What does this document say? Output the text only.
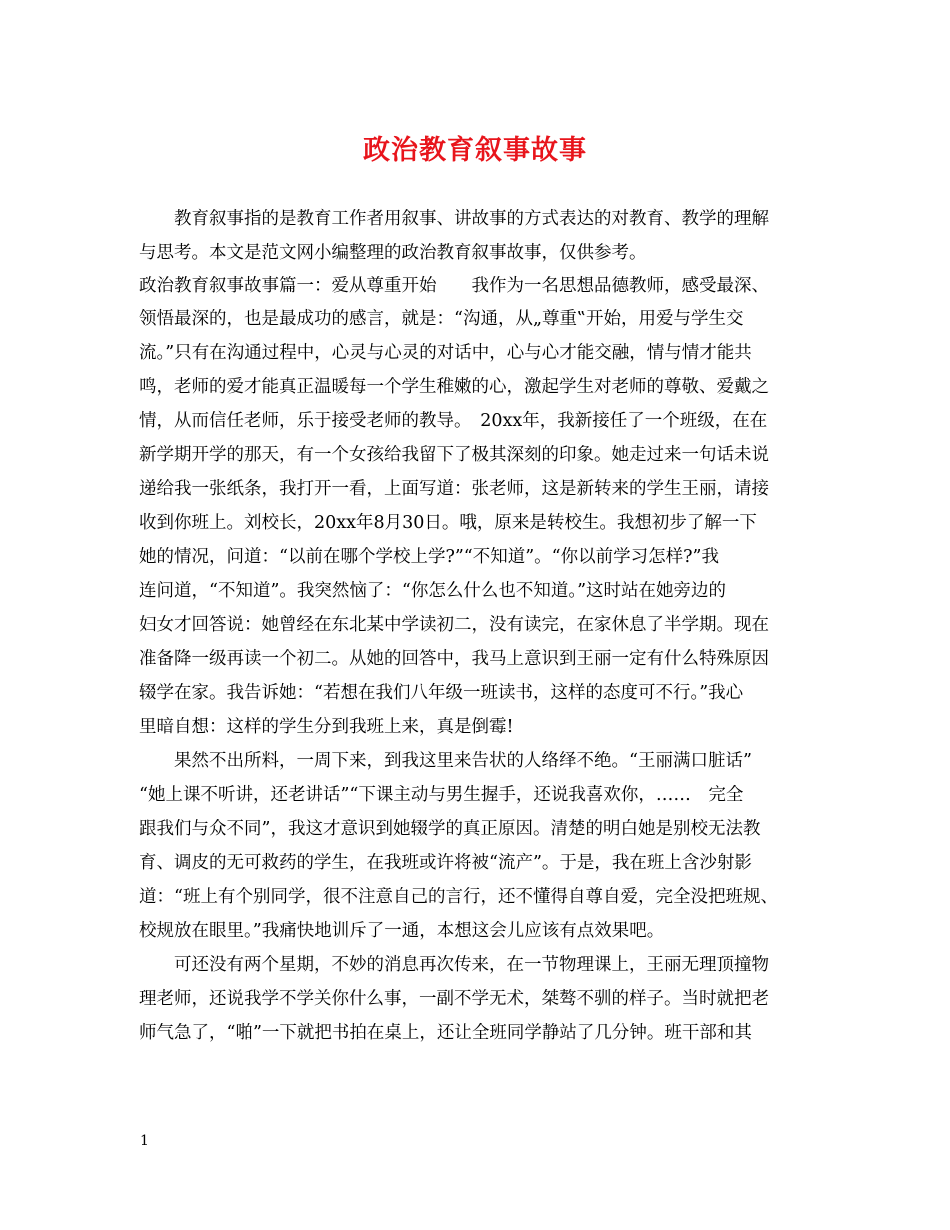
政治教育叙事故事
　　教育叙事指的是教育工作者用叙事、讲故事的方式表达的对教育、教学的理解
与思考。本文是范文网小编整理的政治教育叙事故事，仅供参考。
政治教育叙事故事篇一：爱从尊重开始　　我作为一名思想品德教师，感受最深、
领悟最深的，也是最成功的感言，就是：“沟通，从„尊重‟开始，用爱与学生交
流。”只有在沟通过程中，心灵与心灵的对话中，心与心才能交融，情与情才能共
鸣，老师的爱才能真正温暖每一个学生稚嫩的心，激起学生对老师的尊敬、爱戴之
情，从而信任老师，乐于接受老师的教导。　20xx年，我新接任了一个班级，在在
新学期开学的那天，有一个女孩给我留下了极其深刻的印象。她走过来一句话未说
递给我一张纸条，我打开一看，上面写道：张老师，这是新转来的学生王丽，请接
收到你班上。刘校长，20xx年8月30日。哦，原来是转校生。我想初步了解一下
她的情况，问道：“以前在哪个学校上学?”“不知道”。“你以前学习怎样?”我
连问道，“不知道”。我突然恼了：“你怎么什么也不知道。”这时站在她旁边的
妇女才回答说：她曾经在东北某中学读初二，没有读完，在家休息了半学期。现在
准备降一级再读一个初二。从她的回答中，我马上意识到王丽一定有什么特殊原因
辍学在家。我告诉她：“若想在我们八年级一班读书，这样的态度可不行。”我心
里暗自想：这样的学生分到我班上来，真是倒霉!
　　果然不出所料，一周下来，到我这里来告状的人络绎不绝。“王丽满口脏话”
“她上课不听讲，还老讲话”“下课主动与男生握手，还说我喜欢你，……　完全
跟我们与众不同”，我这才意识到她辍学的真正原因。清楚的明白她是别校无法教
育、调皮的无可救药的学生，在我班或许将被“流产”。于是，我在班上含沙射影
道：“班上有个别同学，很不注意自己的言行，还不懂得自尊自爱，完全没把班规、
校规放在眼里。”我痛快地训斥了一通，本想这会儿应该有点效果吧。
　　可还没有两个星期，不妙的消息再次传来，在一节物理课上，王丽无理顶撞物
理老师，还说我学不学关你什么事，一副不学无术，桀骜不驯的样子。当时就把老
师气急了，“啪”一下就把书拍在桌上，还让全班同学静站了几分钟。班干部和其
1
